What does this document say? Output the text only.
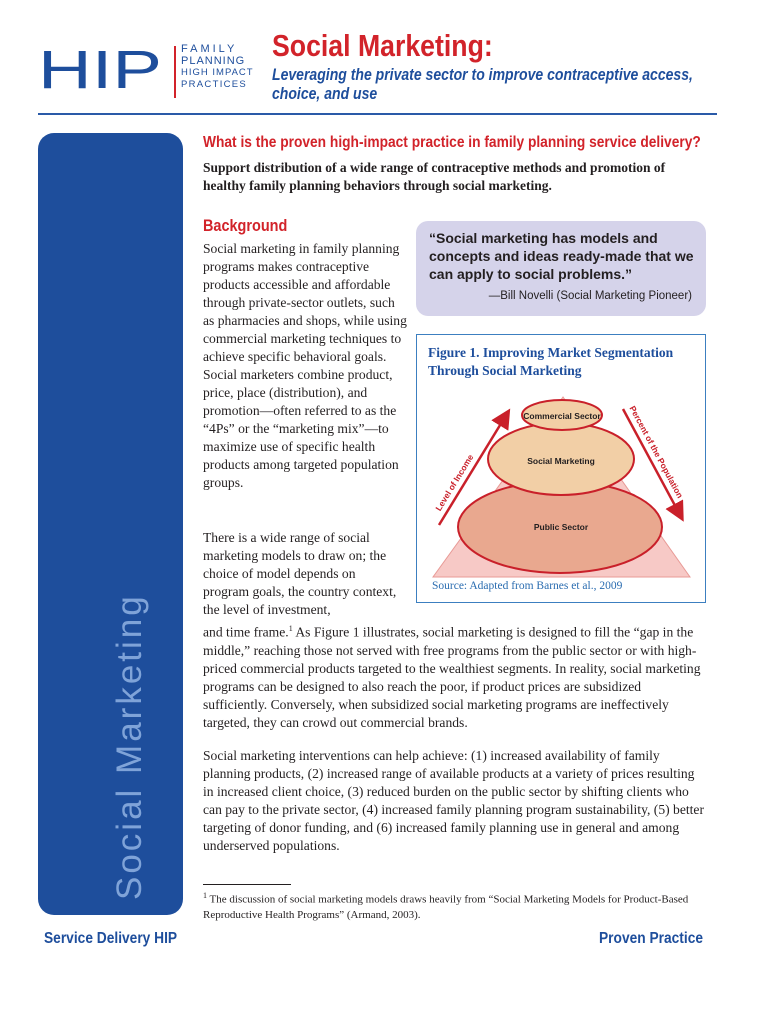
HIP FAMILY
PLANNING
HIGH IMPACT
PRACTICES
Social Marketing:
Leveraging the private sector to improve contraceptive access, choice, and use
Social Marketing
What is the proven high-impact practice in family planning service delivery?
Support distribution of a wide range of contraceptive methods and promotion of healthy family planning behaviors through social marketing.
Background
Social marketing in family planning programs makes contraceptive products accessible and affordable through private-sector outlets, such as pharmacies and shops, while using commercial marketing techniques to achieve specific behavioral goals. Social marketers combine product, price, place (distribution), and promotion—often referred to as the “4Ps” or the “marketing mix”—to maximize use of specific health products among targeted population groups.
There is a wide range of social marketing models to draw on; the choice of model depends on program goals, the country context, the level of investment,
and time frame.$^1$ As Figure 1 illustrates, social marketing is designed to fill the “gap in the middle,” reaching those not served with free programs from the public sector or with high-priced commercial products targeted to the wealthiest segments. In reality, social marketing programs can be designed to also reach the poor, if product prices are subsidized sufficiently. Conversely, when subsidized social marketing programs are ineffectively targeted, they can crowd out commercial brands.
Social marketing interventions can help achieve: (1) increased availability of family planning products, (2) increased range of available products at a variety of prices resulting in increased client choice, (3) reduced burden on the public sector by shifting clients who can pay to the private sector, (4) increased family planning program sustainability, (5) better targeting of donor funding, and (6) increased family planning use in general and among underserved populations.
“Social marketing has models and concepts and ideas ready-made that we can apply to social problems.”
—Bill Novelli (Social Marketing Pioneer)
Figure 1. Improving Market Segmentation Through Social Marketing
Commercial Sector
Social Marketing
Public Sector
Level of Income
Percent of the Population
Source: Adapted from Barnes et al., 2009
$^1$ The discussion of social marketing models draws heavily from “Social Marketing Models for Product-Based Reproductive Health Programs” (Armand, 2003).
Service Delivery HIP	Proven Practice
